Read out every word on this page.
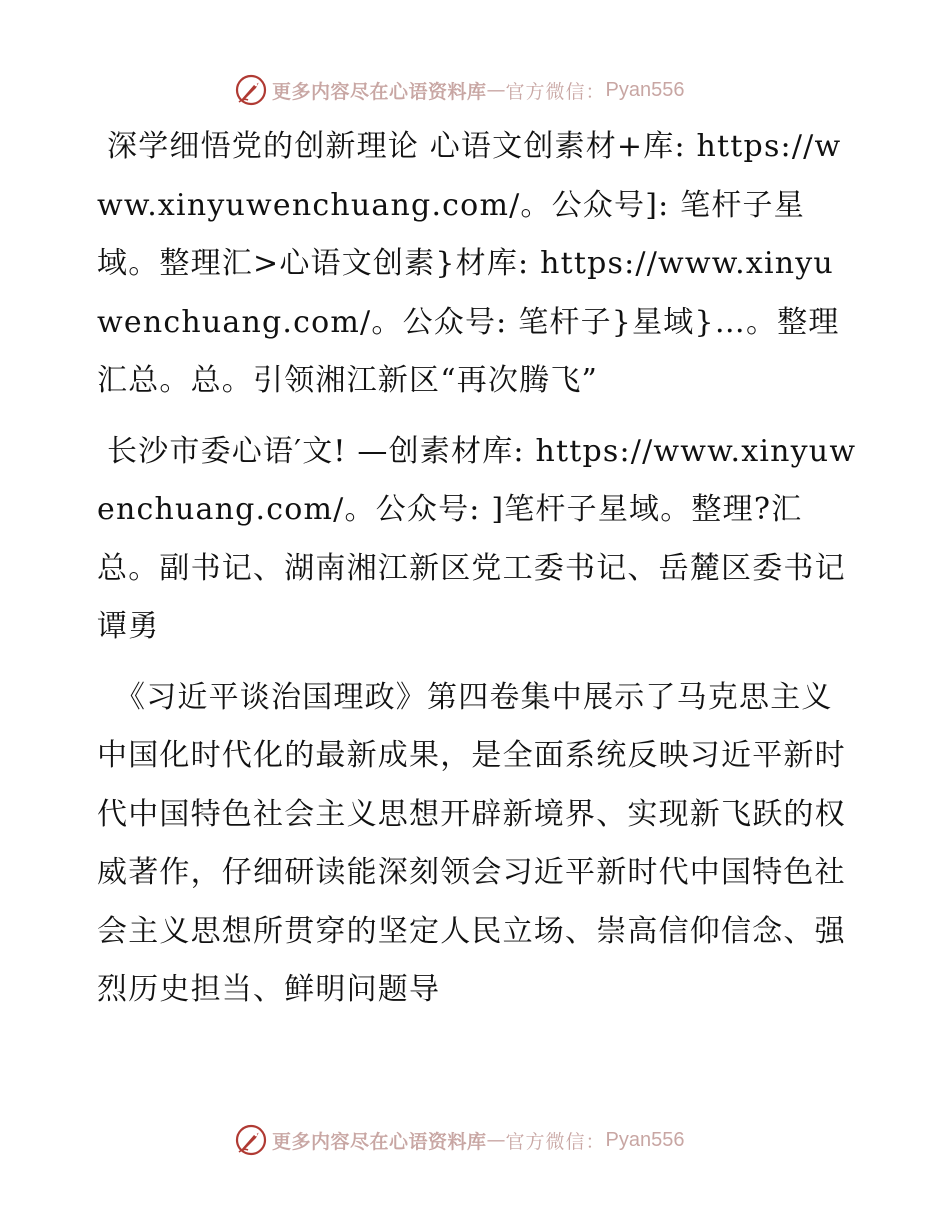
更多内容尽在心语资料库 — 官方微信： Pyan556

深学细悟党的创新理论 心语文创素材+库: https://www.xinyuwenchuang.com/。公众号]: 笔杆子星域。整理汇>心语文创素}材库: https://www.xinyuwenchuang.com/。公众号: 笔杆子}星域}…。整理汇总。总。引领湘江新区“再次腾飞”

长沙市委心语′文! —创素材库: https://www.xinyuwenchuang.com/。公众号: ]笔杆子星域。整理?汇总。副书记、湖南湘江新区党工委书记、岳麓区委书记　谭勇

《习近平谈治国理政》第四卷集中展示了马克思主义中国化时代化的最新成果，是全面系统反映习近平新时代中国特色社会主义思想开辟新境界、实现新飞跃的权威著作，仔细研读能深刻领会习近平新时代中国特色社会主义思想所贯穿的坚定人民立场、崇高信仰信念、强烈历史担当、鲜明问题导

更多内容尽在心语资料库 — 官方微信： Pyan556
